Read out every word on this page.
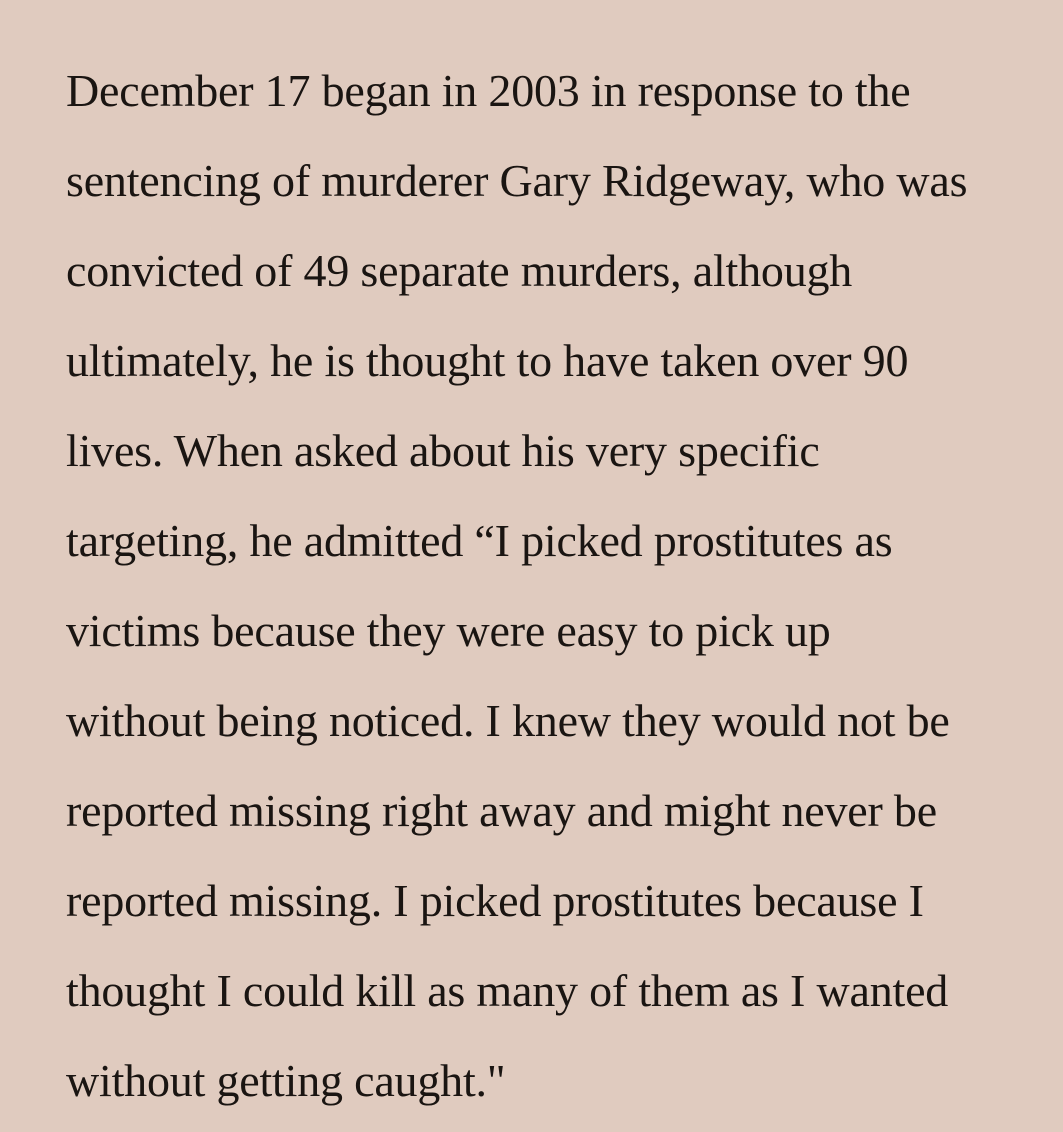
December 17 began in 2003 in response to the
sentencing of murderer Gary Ridgeway, who was
convicted of 49 separate murders, although
ultimately, he is thought to have taken over 90
lives. When asked about his very specific
targeting, he admitted “I picked prostitutes as
victims because they were easy to pick up
without being noticed. I knew they would not be
reported missing right away and might never be
reported missing. I picked prostitutes because I
thought I could kill as many of them as I wanted
without getting caught."
